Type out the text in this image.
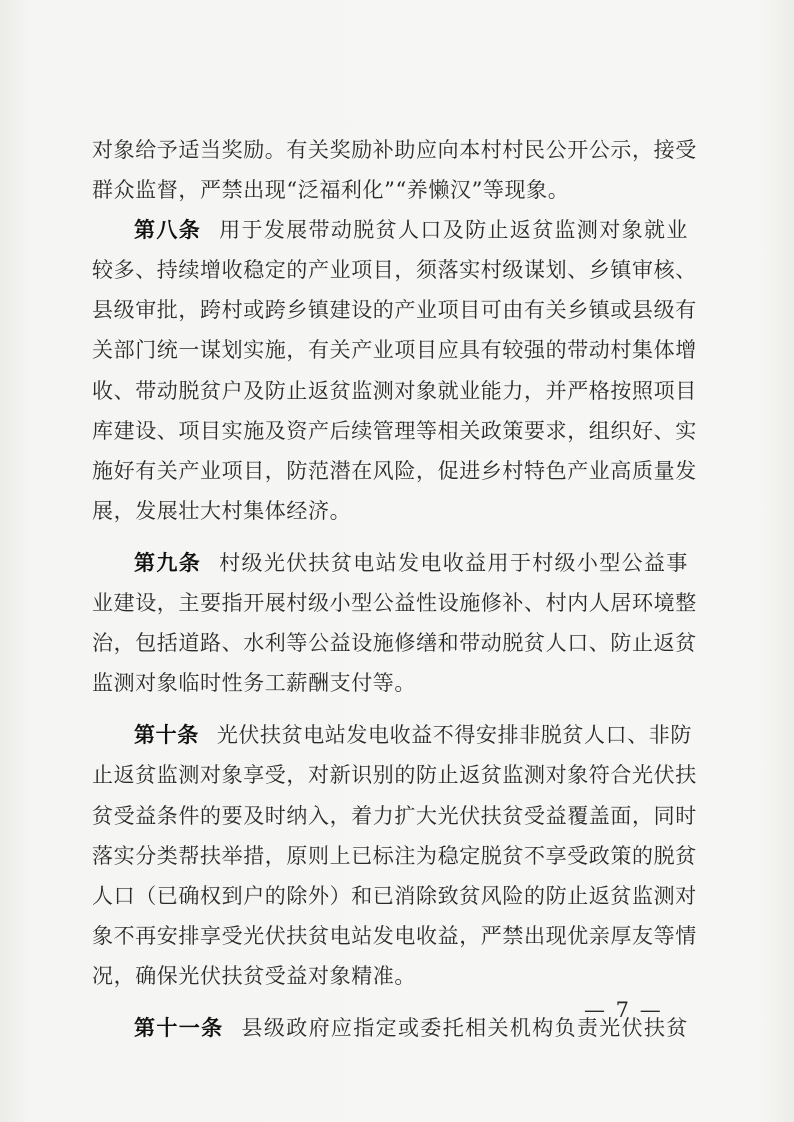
对象给予适当奖励。有关奖励补助应向本村村民公开公示，接受
群众监督，严禁出现“泛福利化”“养懒汉”等现象。
第八条 用于发展带动脱贫人口及防止返贫监测对象就业
较多、持续增收稳定的产业项目，须落实村级谋划、乡镇审核、
县级审批，跨村或跨乡镇建设的产业项目可由有关乡镇或县级有
关部门统一谋划实施，有关产业项目应具有较强的带动村集体增
收、带动脱贫户及防止返贫监测对象就业能力，并严格按照项目
库建设、项目实施及资产后续管理等相关政策要求，组织好、实
施好有关产业项目，防范潜在风险，促进乡村特色产业高质量发
展，发展壮大村集体经济。
第九条 村级光伏扶贫电站发电收益用于村级小型公益事
业建设，主要指开展村级小型公益性设施修补、村内人居环境整
治，包括道路、水利等公益设施修缮和带动脱贫人口、防止返贫
监测对象临时性务工薪酬支付等。
第十条 光伏扶贫电站发电收益不得安排非脱贫人口、非防
止返贫监测对象享受，对新识别的防止返贫监测对象符合光伏扶
贫受益条件的要及时纳入，着力扩大光伏扶贫受益覆盖面，同时
落实分类帮扶举措，原则上已标注为稳定脱贫不享受政策的脱贫
人口（已确权到户的除外）和已消除致贫风险的防止返贫监测对
象不再安排享受光伏扶贫电站发电收益，严禁出现优亲厚友等情
况，确保光伏扶贫受益对象精准。
第十一条 县级政府应指定或委托相关机构负责光伏扶贫
— 7 —
